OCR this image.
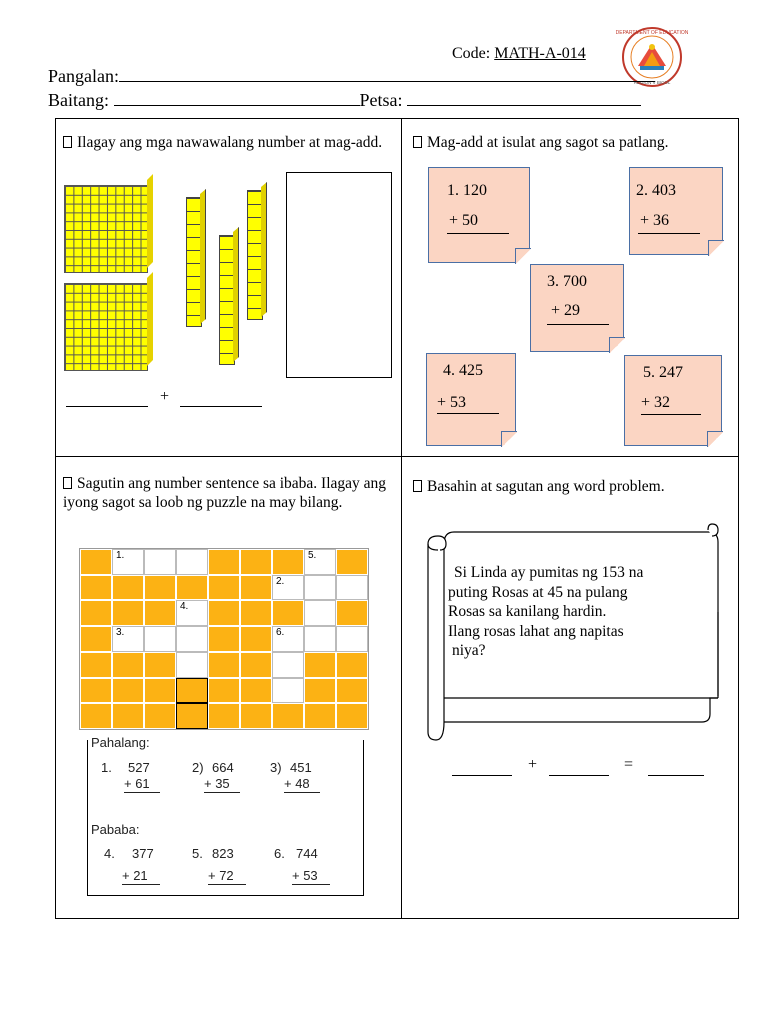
Code: MATH-A-014
DEPARTMENT OF EDUCATION
REGION V BICOL
Pangalan:
Baitang:	Petsa:
Ilagay ang mga nawawalang number at mag-add.
+
Mag-add at isulat ang sagot sa patlang.
1. 120
+ 50
2. 403
+ 36
3. 700
+ 29
4. 425
+ 53
5. 247
+ 32
Sagutin ang number sentence sa ibaba. Ilagay ang iyong sagot sa loob ng puzzle na may bilang.
1.	5.
2.
4.
3.	6.
Pahalang:
1. 527
+ 61
2) 664
+ 35
3) 451
+ 48
Pababa:
4. 377
+ 21
5. 823
+ 72
6. 744
+ 53
Basahin at sagutan ang word problem.
Si Linda ay pumitas ng 153 na
puting Rosas at 45 na pulang
Rosas sa kanilang hardin.
Ilang rosas lahat ang napitas
niya?
+	=
